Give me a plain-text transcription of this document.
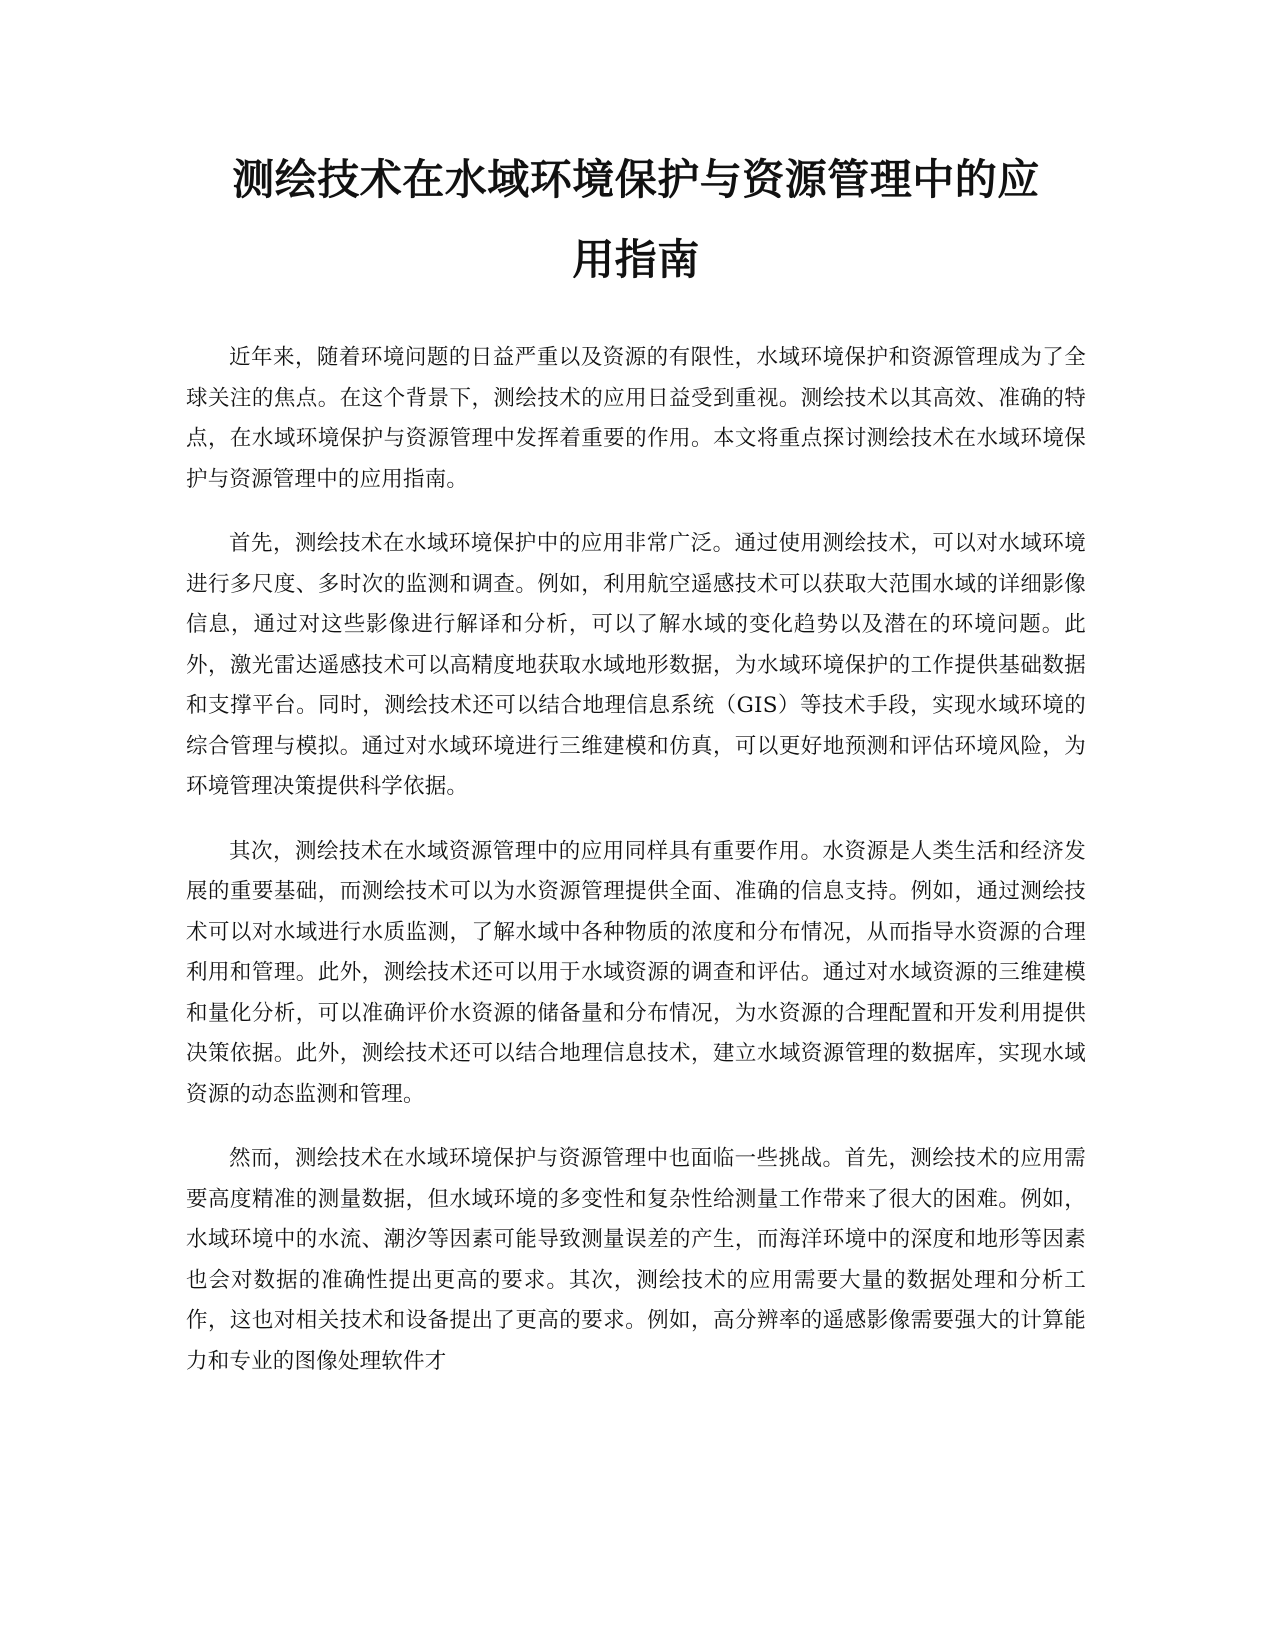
测绘技术在水域环境保护与资源管理中的应
用指南

近年来，随着环境问题的日益严重以及资源的有限性，水域环境保护和资源管理成为了全球关注的焦点。在这个背景下，测绘技术的应用日益受到重视。测绘技术以其高效、准确的特点，在水域环境保护与资源管理中发挥着重要的作用。本文将重点探讨测绘技术在水域环境保护与资源管理中的应用指南。

首先，测绘技术在水域环境保护中的应用非常广泛。通过使用测绘技术，可以对水域环境进行多尺度、多时次的监测和调查。例如，利用航空遥感技术可以获取大范围水域的详细影像信息，通过对这些影像进行解译和分析，可以了解水域的变化趋势以及潜在的环境问题。此外，激光雷达遥感技术可以高精度地获取水域地形数据，为水域环境保护的工作提供基础数据和支撑平台。同时，测绘技术还可以结合地理信息系统（GIS）等技术手段，实现水域环境的综合管理与模拟。通过对水域环境进行三维建模和仿真，可以更好地预测和评估环境风险，为环境管理决策提供科学依据。

其次，测绘技术在水域资源管理中的应用同样具有重要作用。水资源是人类生活和经济发展的重要基础，而测绘技术可以为水资源管理提供全面、准确的信息支持。例如，通过测绘技术可以对水域进行水质监测，了解水域中各种物质的浓度和分布情况，从而指导水资源的合理利用和管理。此外，测绘技术还可以用于水域资源的调查和评估。通过对水域资源的三维建模和量化分析，可以准确评价水资源的储备量和分布情况，为水资源的合理配置和开发利用提供决策依据。此外，测绘技术还可以结合地理信息技术，建立水域资源管理的数据库，实现水域资源的动态监测和管理。

然而，测绘技术在水域环境保护与资源管理中也面临一些挑战。首先，测绘技术的应用需要高度精准的测量数据，但水域环境的多变性和复杂性给测量工作带来了很大的困难。例如，水域环境中的水流、潮汐等因素可能导致测量误差的产生，而海洋环境中的深度和地形等因素也会对数据的准确性提出更高的要求。其次，测绘技术的应用需要大量的数据处理和分析工作，这也对相关技术和设备提出了更高的要求。例如，高分辨率的遥感影像需要强大的计算能力和专业的图像处理软件才
